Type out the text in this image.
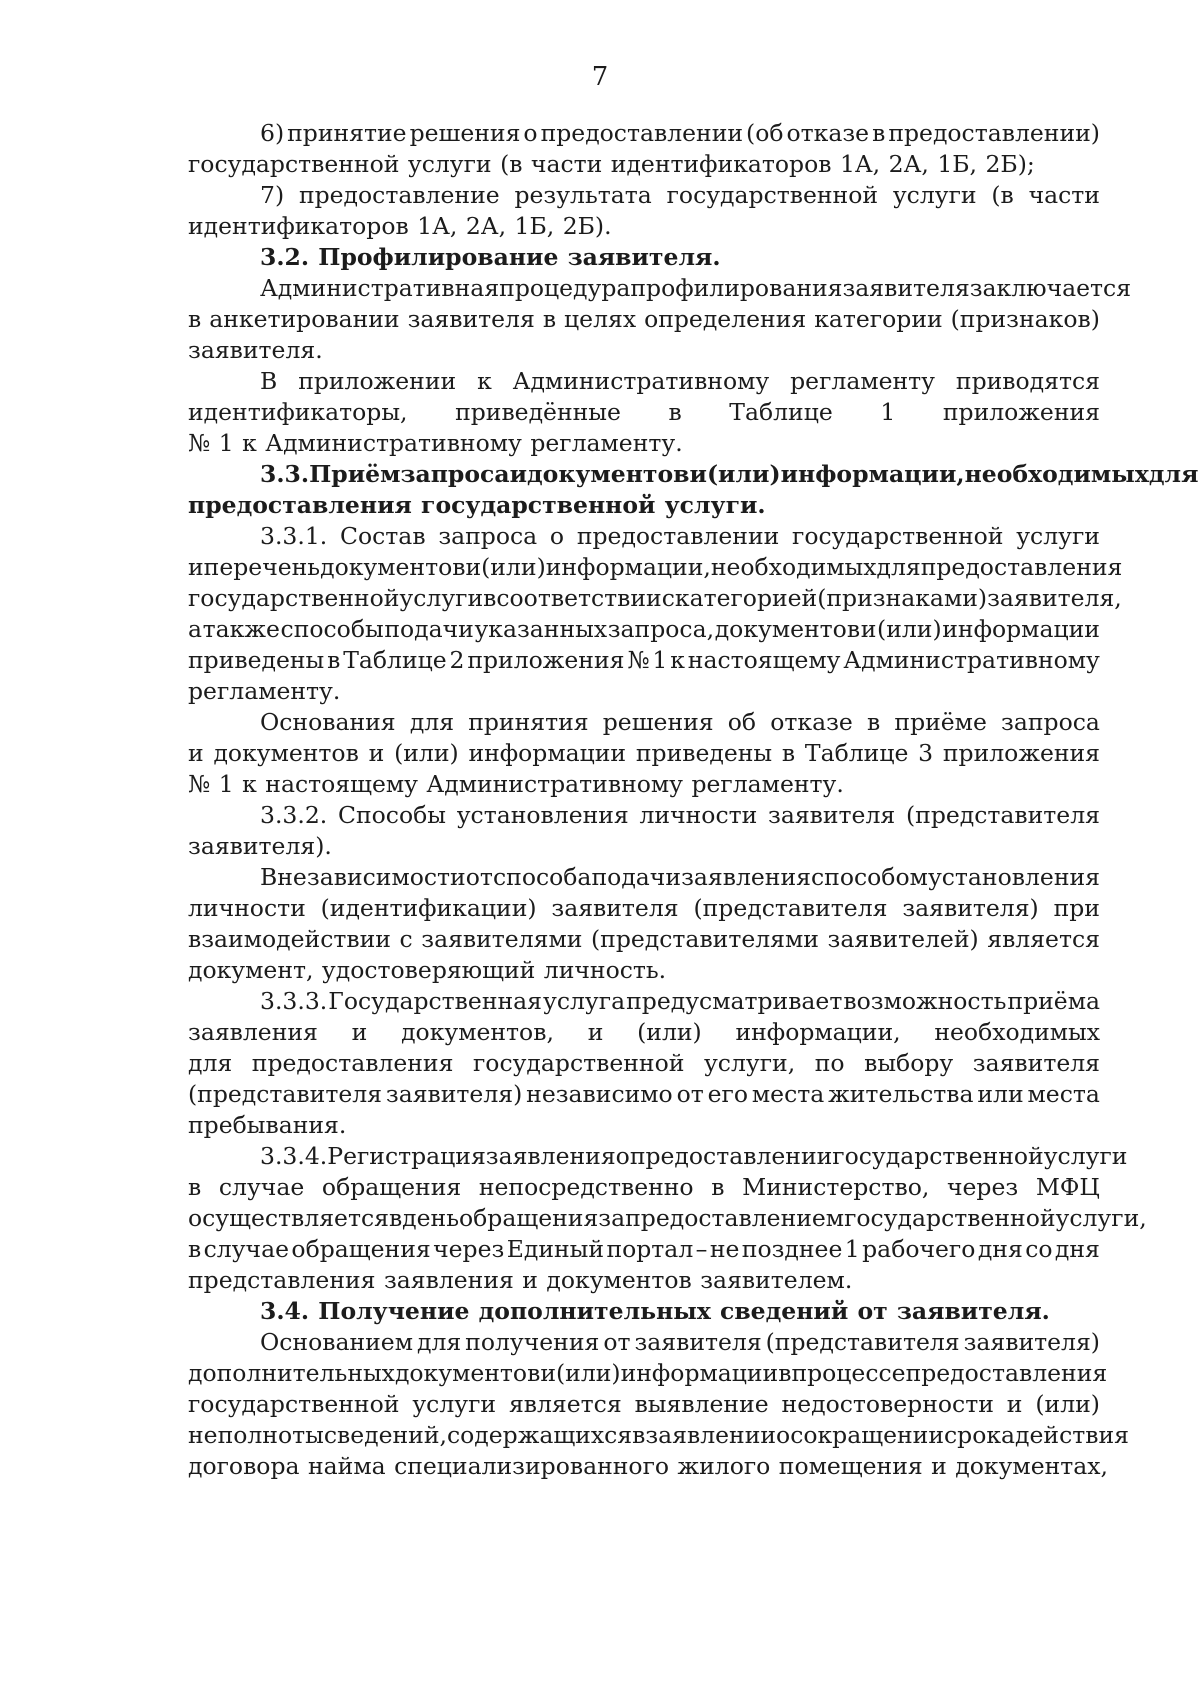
7
6) принятие решения о предоставлении (об отказе в предоставлении)
государственной услуги (в части идентификаторов 1А, 2А, 1Б, 2Б);
7) предоставление результата государственной услуги (в части
идентификаторов 1А, 2А, 1Б, 2Б).
3.2. Профилирование заявителя.
Административная процедура профилирования заявителя заключается
в анкетировании заявителя в целях определения категории (признаков)
заявителя.
В приложении к Административному регламенту приводятся
идентификаторы, приведённые в Таблице 1 приложения
№ 1 к Административному регламенту.
3.3. Приём запроса и документов и (или) информации, необходимых для
предоставления государственной услуги.
3.3.1. Состав запроса о предоставлении государственной услуги
и перечень документов и (или) информации, необходимых для предоставления
государственной услуги в соответствии с категорией (признаками) заявителя,
а также способы подачи указанных запроса, документов и (или) информации
приведены в Таблице 2 приложения № 1 к настоящему Административному
регламенту.
Основания для принятия решения об отказе в приёме запроса
и документов и (или) информации приведены в Таблице 3 приложения
№ 1 к настоящему Административному регламенту.
3.3.2. Способы установления личности заявителя (представителя
заявителя).
Вне зависимости от способа подачи заявления способом установления
личности (идентификации) заявителя (представителя заявителя) при
взаимодействии с заявителями (представителями заявителей) является
документ, удостоверяющий личность.
3.3.3. Государственная услуга предусматривает возможность приёма
заявления и документов, и (или) информации, необходимых
для предоставления государственной услуги, по выбору заявителя
(представителя заявителя) независимо от его места жительства или места
пребывания.
3.3.4. Регистрация заявления о предоставлении государственной услуги
в случае обращения непосредственно в Министерство, через МФЦ
осуществляется в день обращения за предоставлением государственной услуги,
в случае обращения через Единый портал – не позднее 1 рабочего дня со дня
представления заявления и документов заявителем.
3.4. Получение дополнительных сведений от заявителя.
Основанием для получения от заявителя (представителя заявителя)
дополнительных документов и (или) информации в процессе предоставления
государственной услуги является выявление недостоверности и (или)
неполноты сведений, содержащихся в заявлении о сокращении срока действия
договора найма специализированного жилого помещения и документах,
